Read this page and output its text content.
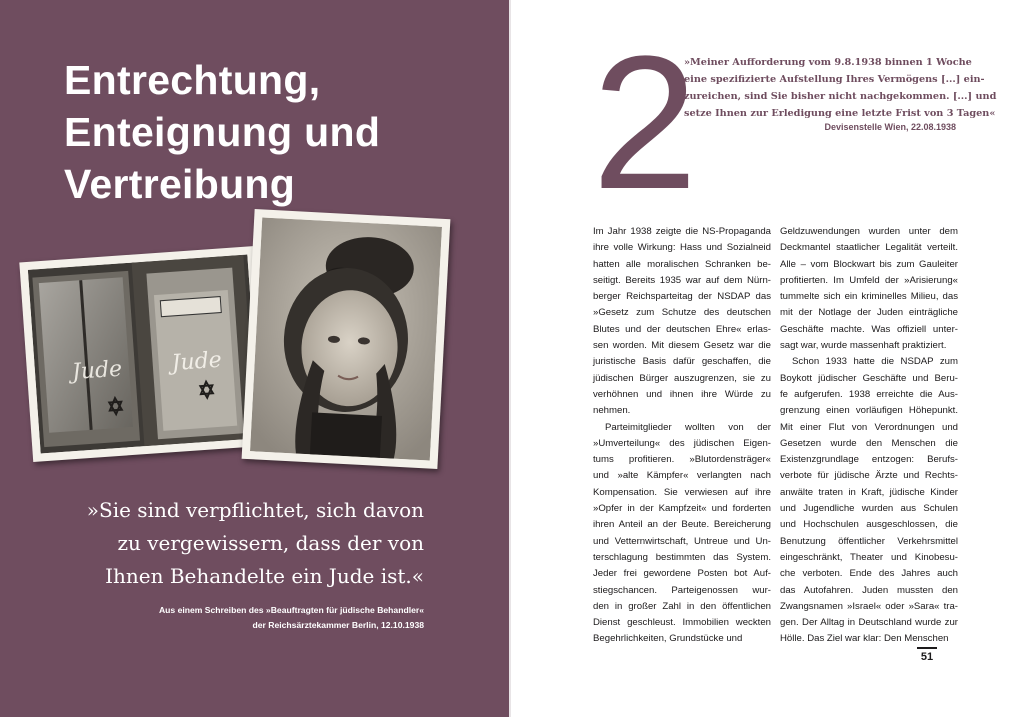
Entrechtung,
Enteignung und
Vertreibung
Jude Jude
»Sie sind verpflichtet, sich davon
zu vergewissern, dass der von
Ihnen Behandelte ein Jude ist.«
Aus einem Schreiben des »Beauftragten für jüdische Behandler«
der Reichsärztekammer Berlin, 12.10.1938
2
»Meiner Aufforderung vom 9.8.1938 binnen 1 Woche
eine spezifizierte Aufstellung Ihres Vermögens [...] ein-
zureichen, sind Sie bisher nicht nachgekommen. [...] und
setze Ihnen zur Erledigung eine letzte Frist von 3 Tagen«
Devisenstelle Wien, 22.08.1938
Im Jahr 1938 zeigte die NS-Propaganda
ihre volle Wirkung: Hass und Sozialneid
hatten alle moralischen Schranken be-
seitigt. Bereits 1935 war auf dem Nürn-
berger Reichsparteitag der NSDAP das
»Gesetz zum Schutze des deutschen
Blutes und der deutschen Ehre« erlas-
sen worden. Mit diesem Gesetz war die
juristische Basis dafür geschaffen, die
jüdischen Bürger auszugrenzen, sie zu
verhöhnen und ihnen ihre Würde zu
nehmen.
Parteimitglieder wollten von der
»Umverteilung« des jüdischen Eigen-
tums profitieren. »Blutordensträger«
und »alte Kämpfer« verlangten nach
Kompensation. Sie verwiesen auf ihre
»Opfer in der Kampfzeit« und forderten
ihren Anteil an der Beute. Bereicherung
und Vetternwirtschaft, Untreue und Un-
terschlagung bestimmten das System.
Jeder frei gewordene Posten bot Auf-
stiegschancen. Parteigenossen wur-
den in großer Zahl in den öffentlichen
Dienst geschleust. Immobilien weckten
Begehrlichkeiten, Grundstücke und
Geldzuwendungen wurden unter dem
Deckmantel staatlicher Legalität verteilt.
Alle – vom Blockwart bis zum Gauleiter
profitierten. Im Umfeld der »Arisierung«
tummelte sich ein kriminelles Milieu, das
mit der Notlage der Juden einträgliche
Geschäfte machte. Was offiziell unter-
sagt war, wurde massenhaft praktiziert.
Schon 1933 hatte die NSDAP zum
Boykott jüdischer Geschäfte und Beru-
fe aufgerufen. 1938 erreichte die Aus-
grenzung einen vorläufigen Höhepunkt.
Mit einer Flut von Verordnungen und
Gesetzen wurde den Menschen die
Existenzgrundlage entzogen: Berufs-
verbote für jüdische Ärzte und Rechts-
anwälte traten in Kraft, jüdische Kinder
und Jugendliche wurden aus Schulen
und Hochschulen ausgeschlossen, die
Benutzung öffentlicher Verkehrsmittel
eingeschränkt, Theater und Kinobesu-
che verboten. Ende des Jahres auch
das Autofahren. Juden mussten den
Zwangsnamen »Israel« oder »Sara« tra-
gen. Der Alltag in Deutschland wurde zur
Hölle. Das Ziel war klar: Den Menschen
51
